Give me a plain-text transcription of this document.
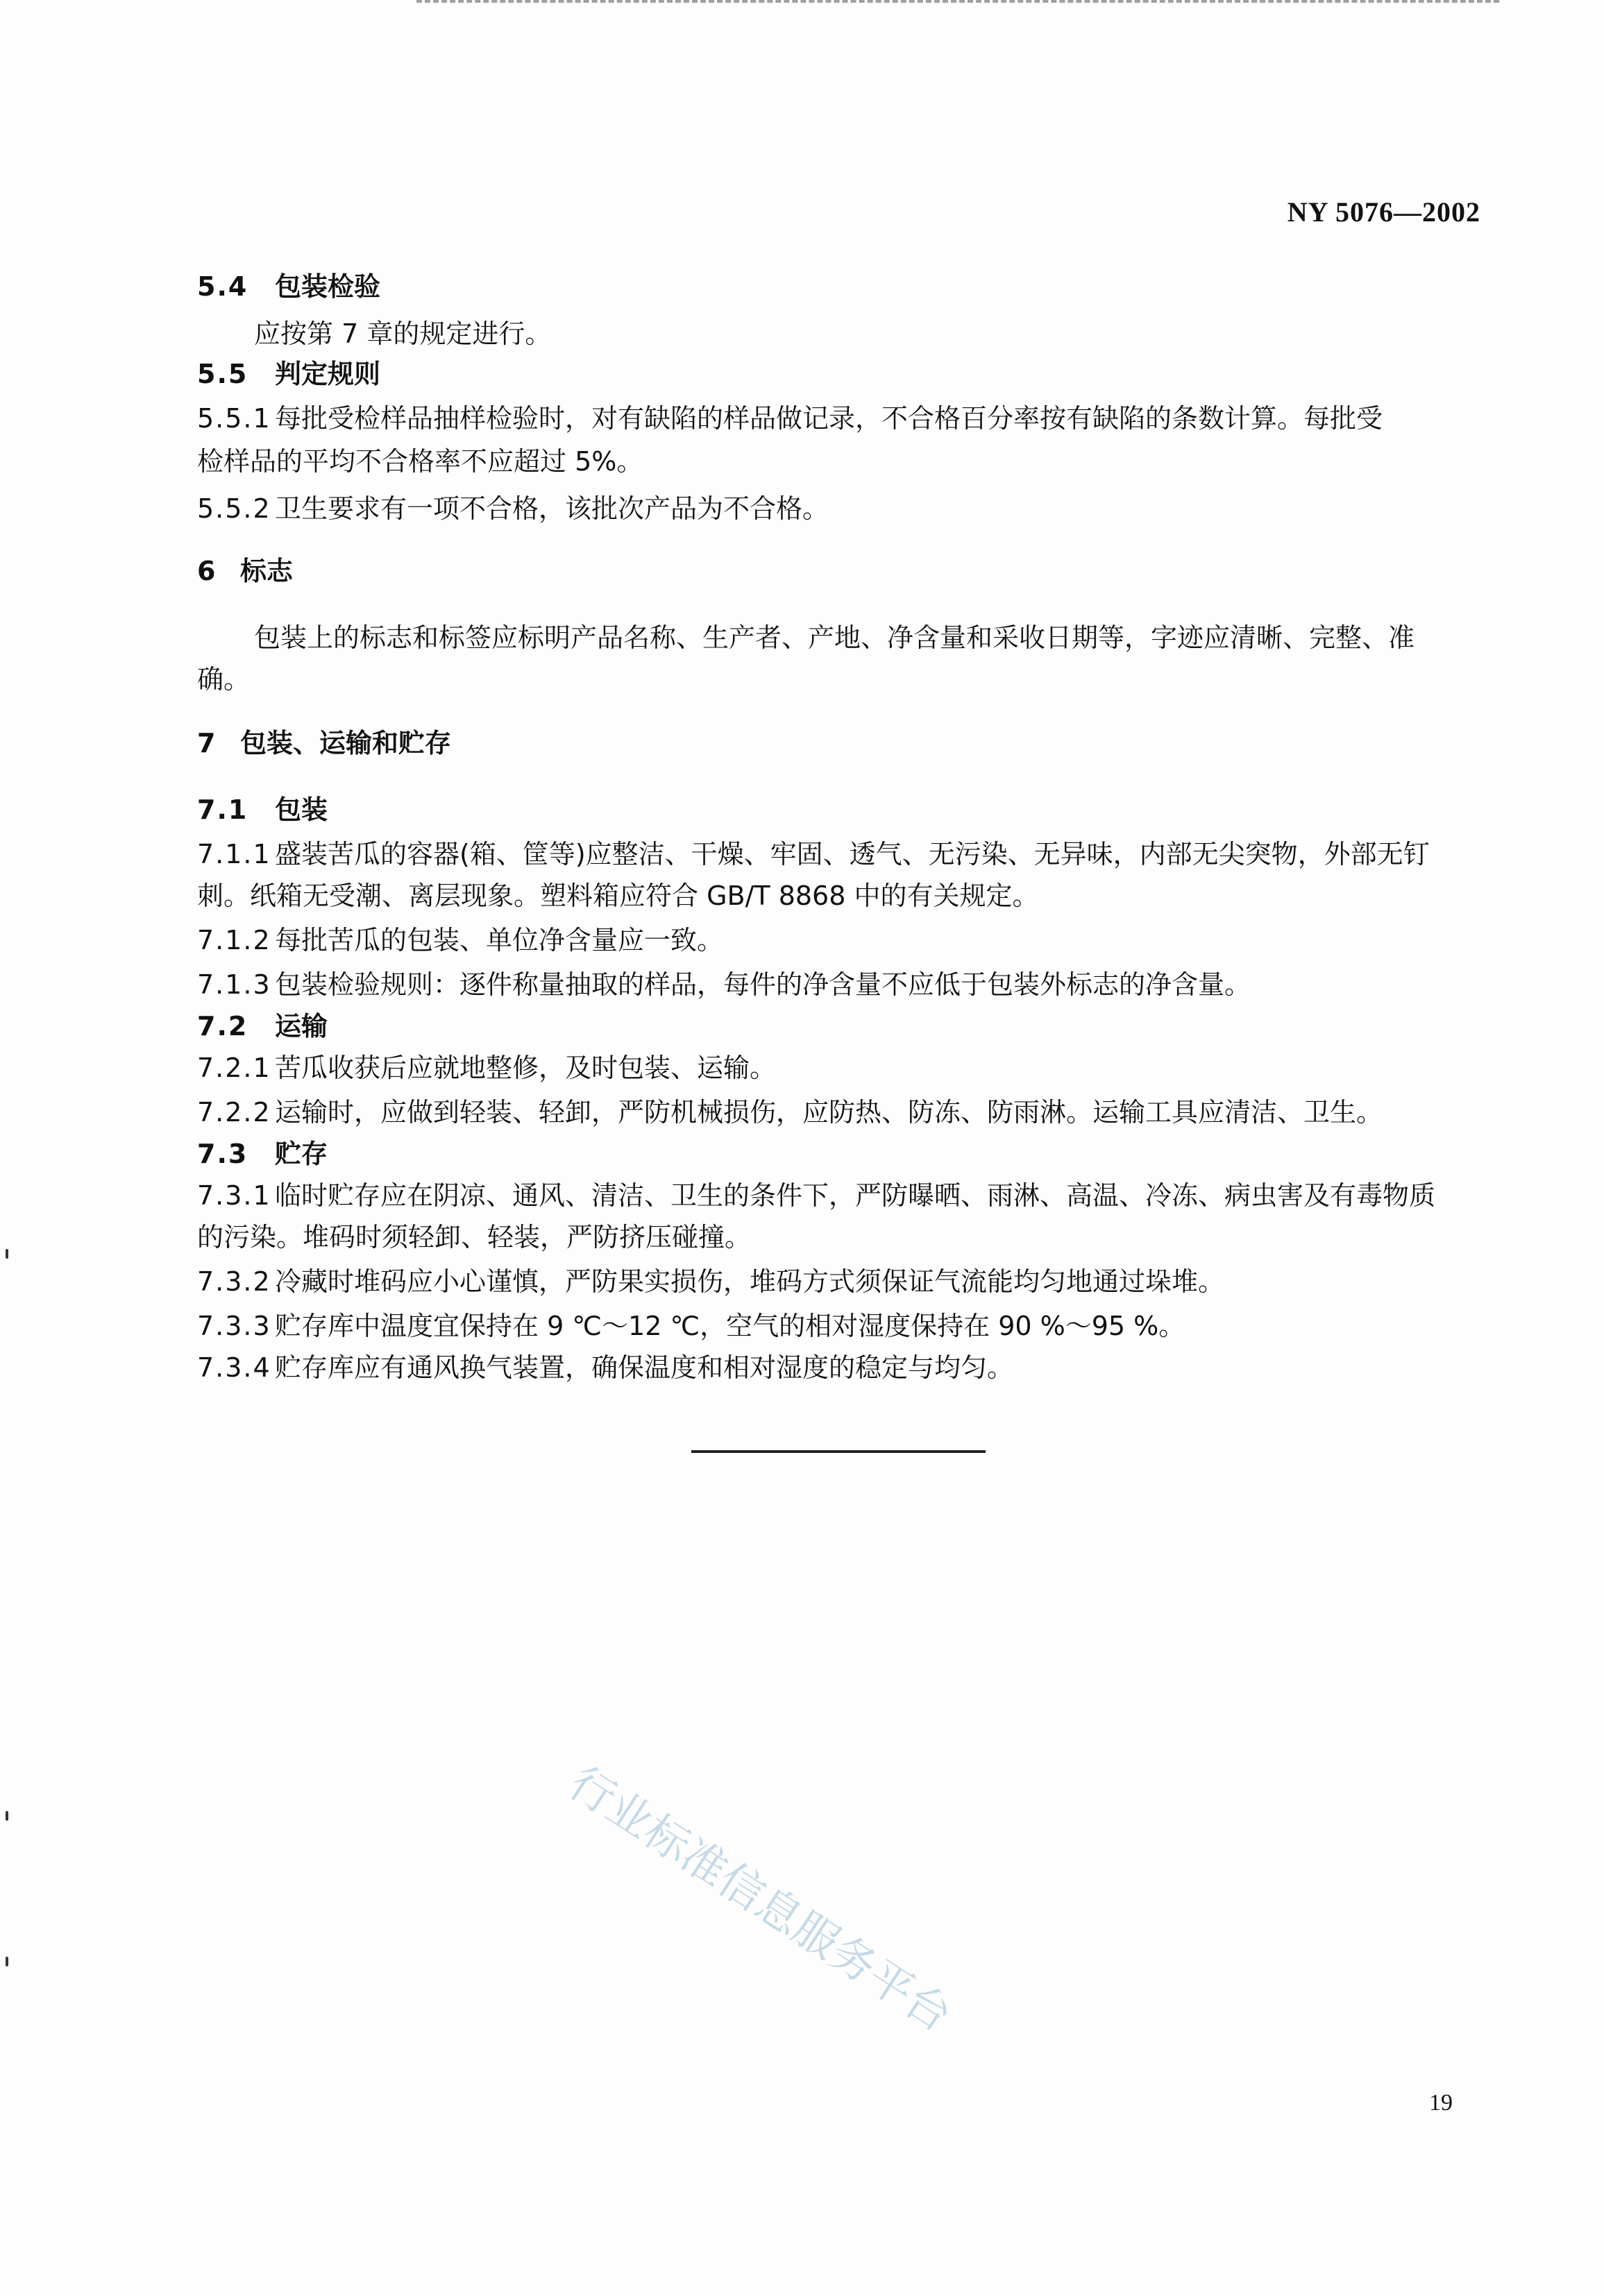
NY 5076—2002
5.4 包装检验
应按第 7 章的规定进行。
5.5 判定规则
5.5.1 每批受检样品抽样检验时，对有缺陷的样品做记录，不合格百分率按有缺陷的条数计算。每批受
检样品的平均不合格率不应超过 5%。
5.5.2 卫生要求有一项不合格，该批次产品为不合格。
6 标志
包装上的标志和标签应标明产品名称、生产者、产地、净含量和采收日期等，字迹应清晰、完整、准
确。
7 包装、运输和贮存
7.1 包装
7.1.1 盛装苦瓜的容器(箱、筐等)应整洁、干燥、牢固、透气、无污染、无异味，内部无尖突物，外部无钉
刺。纸箱无受潮、离层现象。塑料箱应符合 GB/T 8868 中的有关规定。
7.1.2 每批苦瓜的包装、单位净含量应一致。
7.1.3 包装检验规则：逐件称量抽取的样品，每件的净含量不应低于包装外标志的净含量。
7.2 运输
7.2.1 苦瓜收获后应就地整修，及时包装、运输。
7.2.2 运输时，应做到轻装、轻卸，严防机械损伤，应防热、防冻、防雨淋。运输工具应清洁、卫生。
7.3 贮存
7.3.1 临时贮存应在阴凉、通风、清洁、卫生的条件下，严防曝晒、雨淋、高温、冷冻、病虫害及有毒物质
的污染。堆码时须轻卸、轻装，严防挤压碰撞。
7.3.2 冷藏时堆码应小心谨慎，严防果实损伤，堆码方式须保证气流能均匀地通过垛堆。
7.3.3 贮存库中温度宜保持在 9 ℃～12 ℃，空气的相对湿度保持在 90 %～95 %。
7.3.4 贮存库应有通风换气装置，确保温度和相对湿度的稳定与均匀。
行业标准信息服务平台
19
